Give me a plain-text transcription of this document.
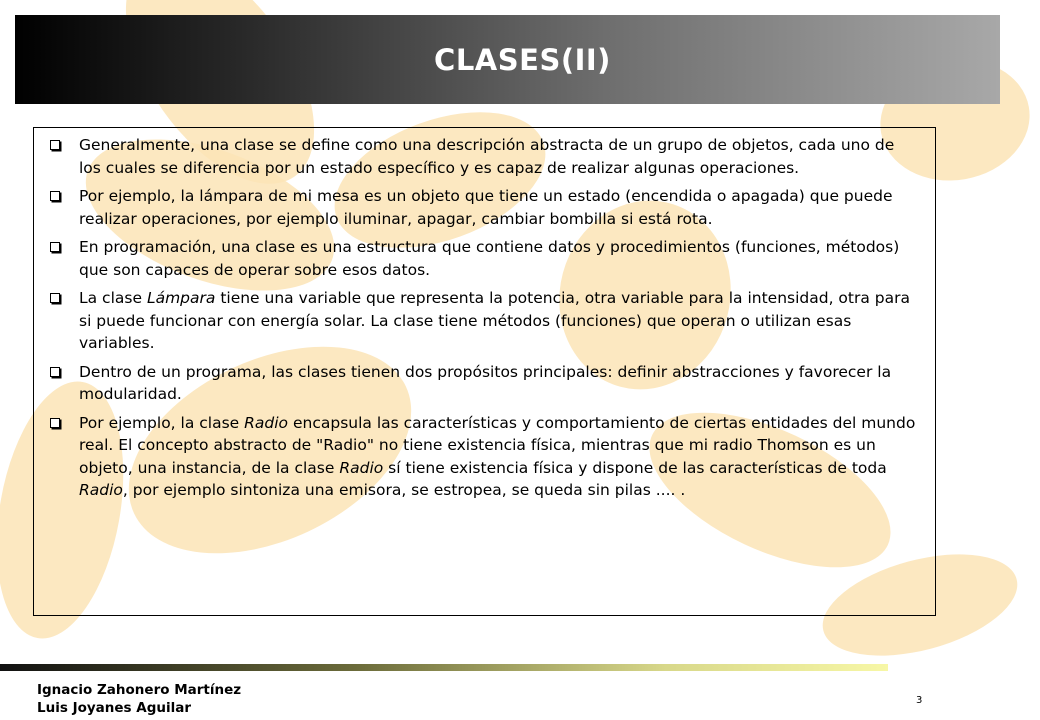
CLASES(II)
Generalmente, una clase se define como una descripción abstracta de un grupo de objetos, cada uno de los cuales se diferencia por un estado específico y es capaz de realizar algunas operaciones.
Por ejemplo, la lámpara de mi mesa es un objeto que tiene un estado (encendida o apagada) que puede realizar operaciones, por ejemplo iluminar, apagar, cambiar bombilla si está rota.
En programación, una clase es una estructura que contiene datos y procedimientos (funciones, métodos) que son capaces de operar sobre esos datos.
La clase Lámpara tiene una variable que representa la potencia, otra variable para la intensidad, otra para si puede funcionar con energía solar. La clase tiene métodos (funciones) que operan o utilizan esas variables.
Dentro de un programa, las clases tienen dos propósitos principales: definir abstracciones y favorecer la modularidad.
Por ejemplo, la clase Radio encapsula las características y comportamiento de ciertas entidades del mundo real. El concepto abstracto de "Radio" no tiene existencia física, mientras que mi radio Thomson es un objeto, una instancia, de la clase Radio sí tiene existencia física y dispone de las características de toda Radio, por ejemplo sintoniza una emisora, se estropea, se queda sin pilas .... .
Ignacio Zahonero Martínez
Luis Joyanes Aguilar	3
